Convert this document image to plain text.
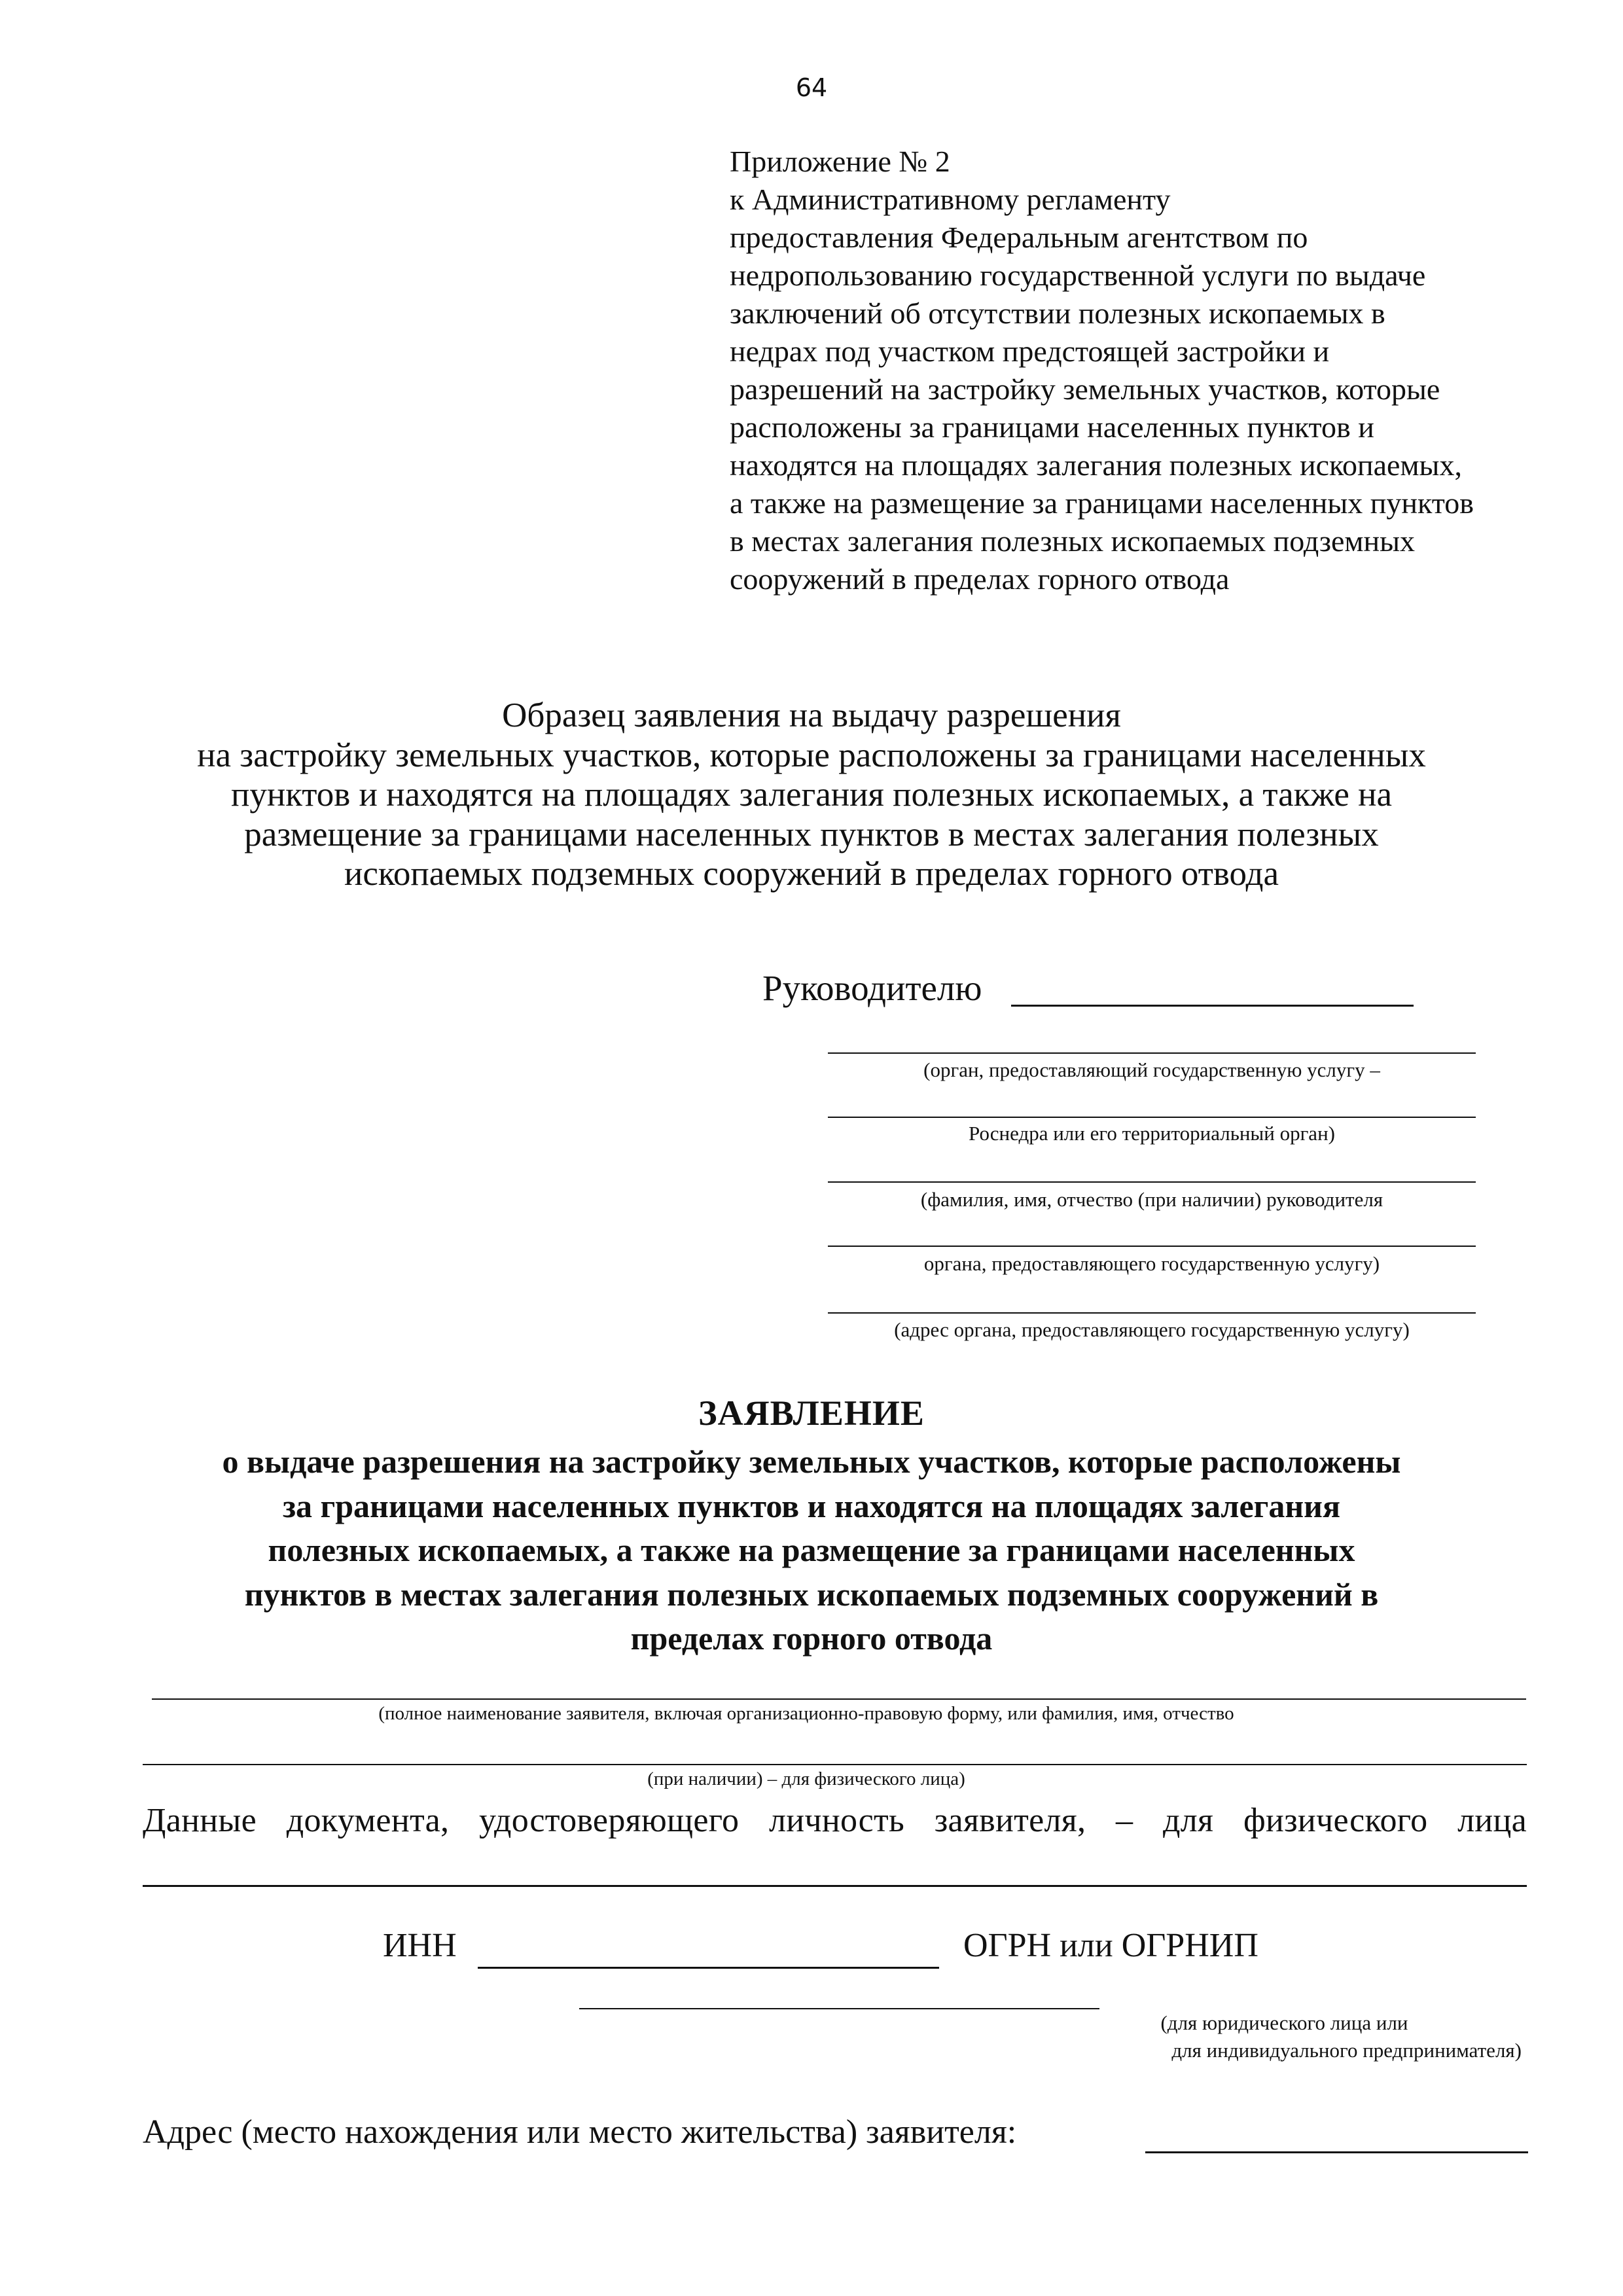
64
Приложение № 2
к Административному регламенту
предоставления Федеральным агентством по
недропользованию государственной услуги по выдаче
заключений об отсутствии полезных ископаемых в
недрах под участком предстоящей застройки и
разрешений на застройку земельных участков, которые
расположены за границами населенных пунктов и
находятся на площадях залегания полезных ископаемых,
а также на размещение за границами населенных пунктов
в местах залегания полезных ископаемых подземных
сооружений в пределах горного отвода
Образец заявления на выдачу разрешения
на застройку земельных участков, которые расположены за границами населенных
пунктов и находятся на площадях залегания полезных ископаемых, а также на
размещение за границами населенных пунктов в местах залегания полезных
ископаемых подземных сооружений в пределах горного отвода
Руководителю
(орган, предоставляющий государственную услугу –
Роснедра или его территориальный орган)
(фамилия, имя, отчество (при наличии) руководителя
органа, предоставляющего государственную услугу)
(адрес органа, предоставляющего государственную услугу)
ЗАЯВЛЕНИЕ
о выдаче разрешения на застройку земельных участков, которые расположены
за границами населенных пунктов и находятся на площадях залегания
полезных ископаемых, а также на размещение за границами населенных
пунктов в местах залегания полезных ископаемых подземных сооружений в
пределах горного отвода
(полное наименование заявителя, включая организационно-правовую форму, или фамилия, имя, отчество
(при наличии) – для физического лица)
Данные документа, удостоверяющего личность заявителя, – для физического лица
ИНН	ОГРН или ОГРНИП
(для юридического лица или
для индивидуального предпринимателя)
Адрес (место нахождения или место жительства) заявителя:
